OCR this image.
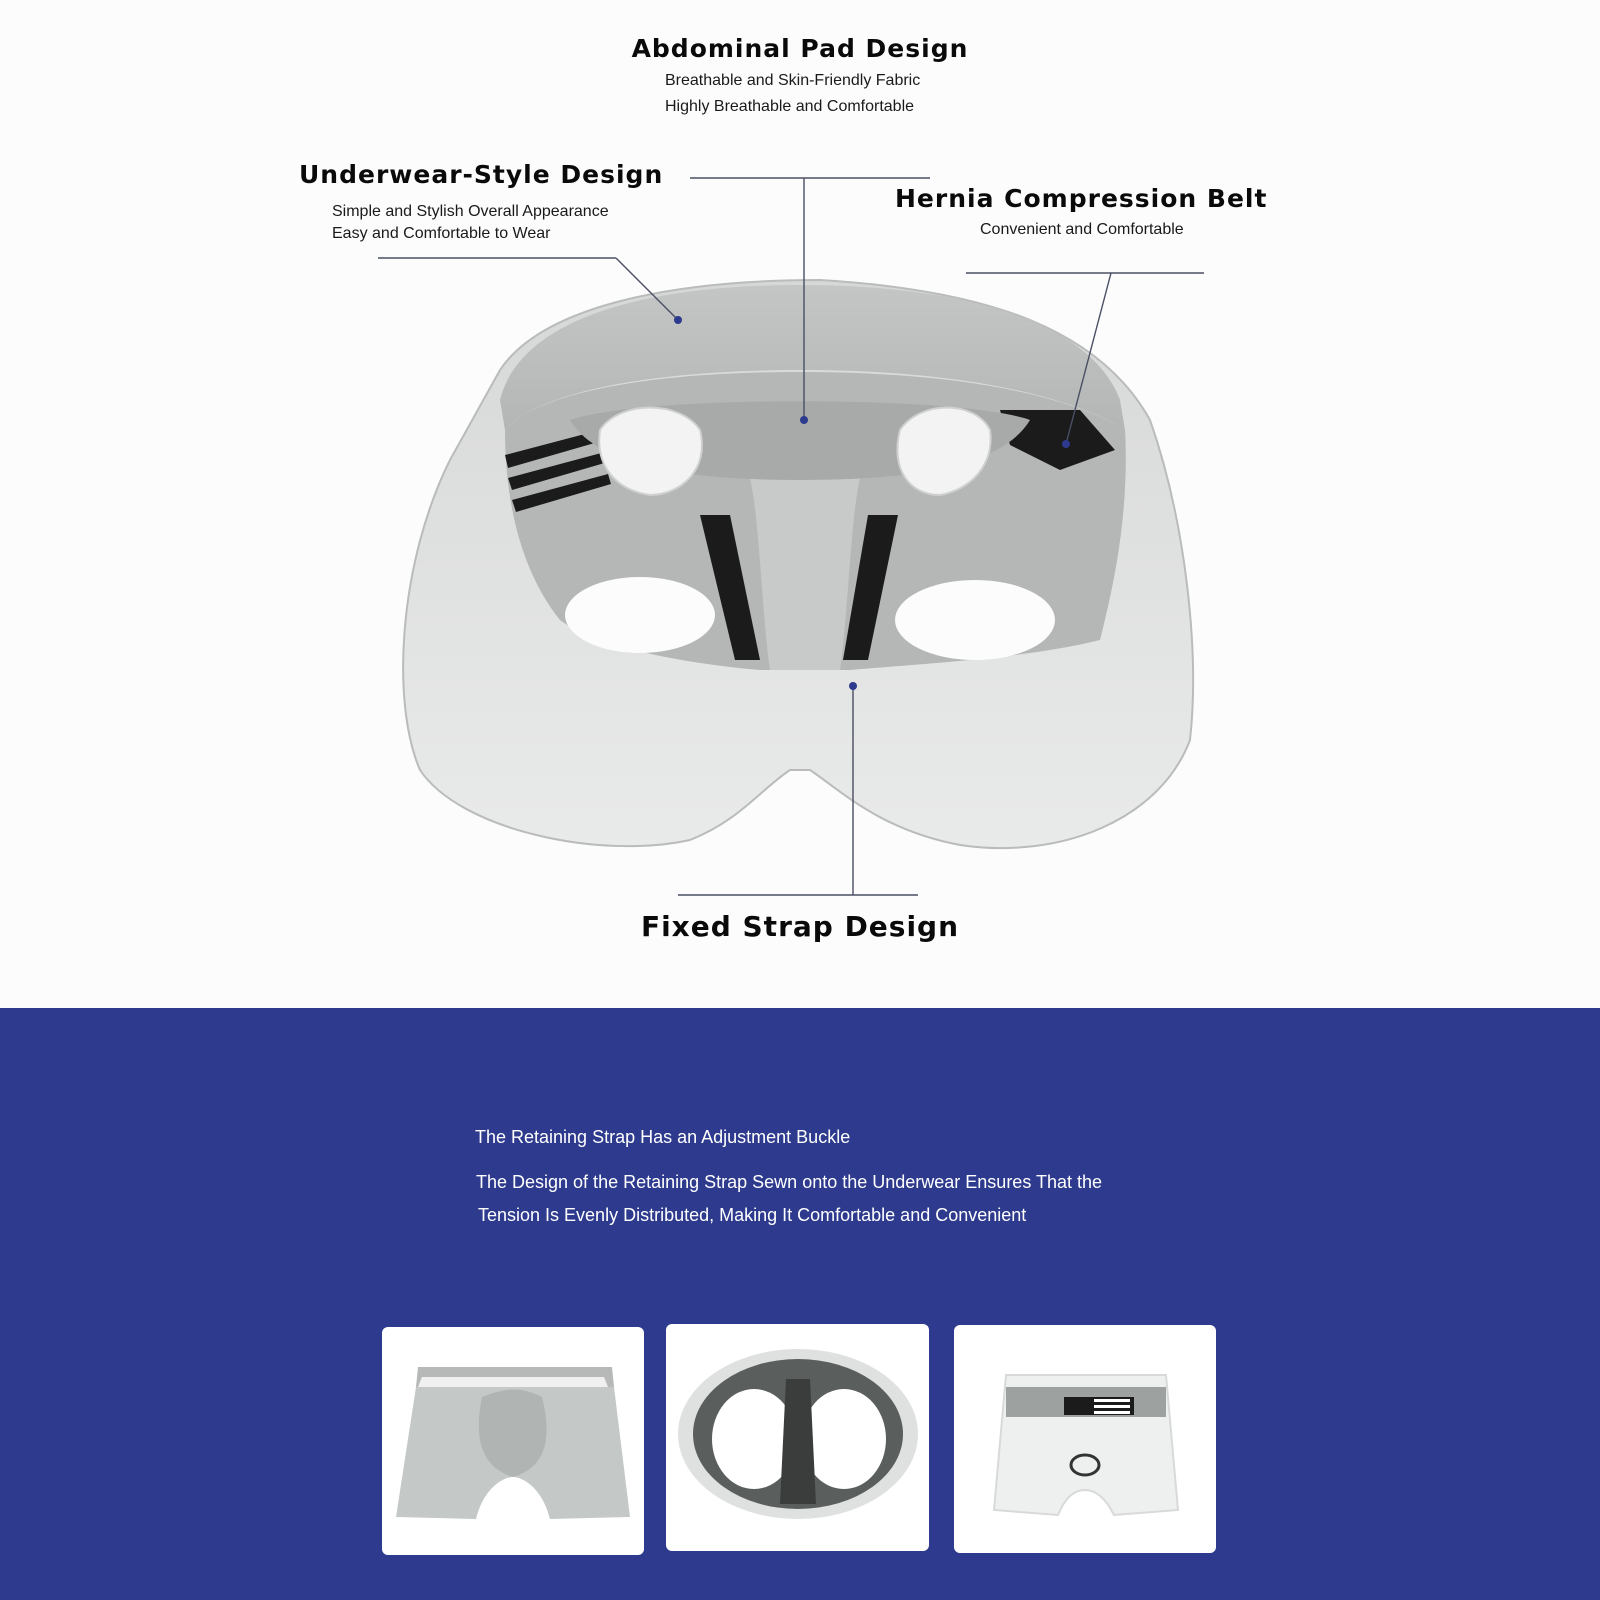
Abdominal Pad Design
Breathable and Skin-Friendly Fabric
Highly Breathable and Comfortable
Underwear-Style Design
Simple and Stylish Overall Appearance
Easy and Comfortable to Wear
Hernia Compression Belt
Convenient and Comfortable
Fixed Strap Design
The Retaining Strap Has an Adjustment Buckle
The Design of the Retaining Strap Sewn onto the Underwear Ensures That the
Tension Is Evenly Distributed, Making It Comfortable and Convenient
